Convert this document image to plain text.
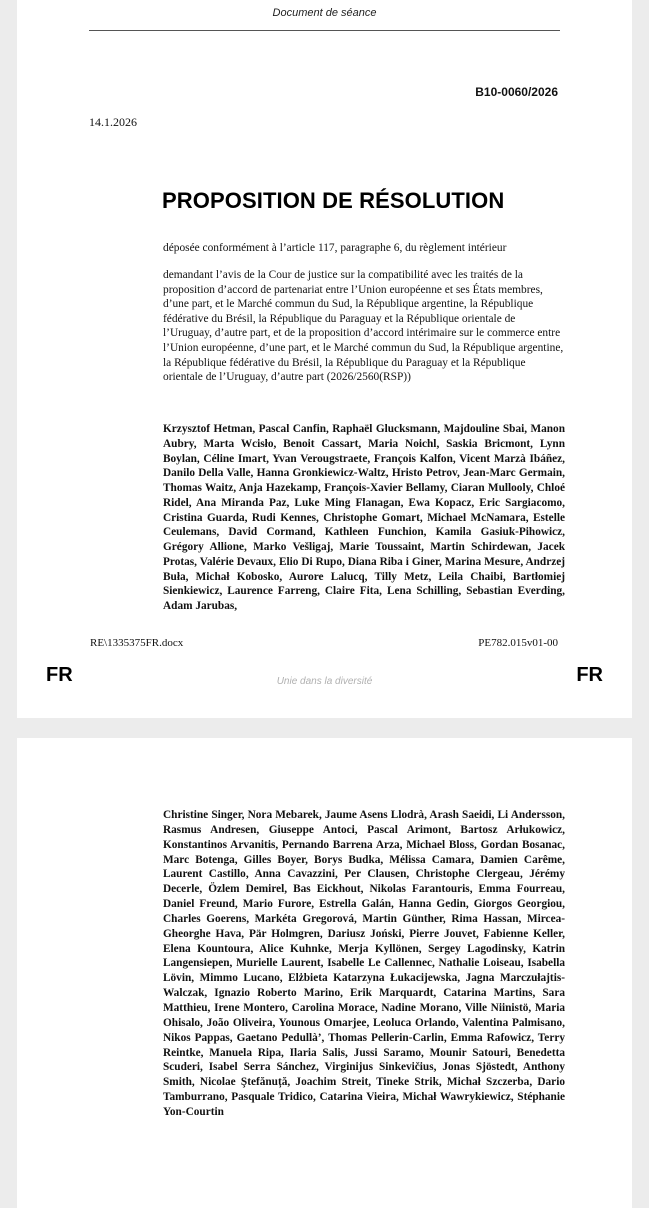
Document de séance
B10-0060/2026
14.1.2026
PROPOSITION DE RÉSOLUTION
déposée conformément à l’article 117, paragraphe 6, du règlement intérieur
demandant l’avis de la Cour de justice sur la compatibilité avec les traités de la proposition d’accord de partenariat entre l’Union européenne et ses États membres, d’une part, et le Marché commun du Sud, la République argentine, la République fédérative du Brésil, la République du Paraguay et la République orientale de l’Uruguay, d’autre part, et de la proposition d’accord intérimaire sur le commerce entre l’Union européenne, d’une part, et le Marché commun du Sud, la République argentine, la République fédérative du Brésil, la République du Paraguay et la République orientale de l’Uruguay, d’autre part (2026/2560(RSP))
Krzysztof Hetman, Pascal Canfin, Raphaël Glucksmann, Majdouline Sbai, Manon Aubry, Marta Wcisło, Benoit Cassart, Maria Noichl, Saskia Bricmont, Lynn Boylan, Céline Imart, Yvan Verougstraete, François Kalfon, Vicent Marzà Ibáñez, Danilo Della Valle, Hanna Gronkiewicz-Waltz, Hristo Petrov, Jean-Marc Germain, Thomas Waitz, Anja Hazekamp, François-Xavier Bellamy, Ciaran Mullooly, Chloé Ridel, Ana Miranda Paz, Luke Ming Flanagan, Ewa Kopacz, Eric Sargiacomo, Cristina Guarda, Rudi Kennes, Christophe Gomart, Michael McNamara, Estelle Ceulemans, David Cormand, Kathleen Funchion, Kamila Gasiuk-Pihowicz, Grégory Allione, Marko Vešligaj, Marie Toussaint, Martin Schirdewan, Jacek Protas, Valérie Devaux, Elio Di Rupo, Diana Riba i Giner, Marina Mesure, Andrzej Buła, Michał Kobosko, Aurore Lalucq, Tilly Metz, Leila Chaibi, Bartłomiej Sienkiewicz, Laurence Farreng, Claire Fita, Lena Schilling, Sebastian Everding, Adam Jarubas,
RE\1335375FR.docx	PE782.015v01-00
FR	Unie dans la diversité	FR
Christine Singer, Nora Mebarek, Jaume Asens Llodrà, Arash Saeidi, Li Andersson, Rasmus Andresen, Giuseppe Antoci, Pascal Arimont, Bartosz Arłukowicz, Konstantinos Arvanitis, Pernando Barrena Arza, Michael Bloss, Gordan Bosanac, Marc Botenga, Gilles Boyer, Borys Budka, Mélissa Camara, Damien Carême, Laurent Castillo, Anna Cavazzini, Per Clausen, Christophe Clergeau, Jérémy Decerle, Özlem Demirel, Bas Eickhout, Nikolas Farantouris, Emma Fourreau, Daniel Freund, Mario Furore, Estrella Galán, Hanna Gedin, Giorgos Georgiou, Charles Goerens, Markéta Gregorová, Martin Günther, Rima Hassan, Mircea-Gheorghe Hava, Pär Holmgren, Dariusz Joński, Pierre Jouvet, Fabienne Keller, Elena Kountoura, Alice Kuhnke, Merja Kyllönen, Sergey Lagodinsky, Katrin Langensiepen, Murielle Laurent, Isabelle Le Callennec, Nathalie Loiseau, Isabella Lövin, Mimmo Lucano, Elżbieta Katarzyna Łukacijewska, Jagna Marczułajtis-Walczak, Ignazio Roberto Marino, Erik Marquardt, Catarina Martins, Sara Matthieu, Irene Montero, Carolina Morace, Nadine Morano, Ville Niinistö, Maria Ohisalo, João Oliveira, Younous Omarjee, Leoluca Orlando, Valentina Palmisano, Nikos Pappas, Gaetano Pedullà’, Thomas Pellerin-Carlin, Emma Rafowicz, Terry Reintke, Manuela Ripa, Ilaria Salis, Jussi Saramo, Mounir Satouri, Benedetta Scuderi, Isabel Serra Sánchez, Virginijus Sinkevičius, Jonas Sjöstedt, Anthony Smith, Nicolae Ştefănuță, Joachim Streit, Tineke Strik, Michał Szczerba, Dario Tamburrano, Pasquale Tridico, Catarina Vieira, Michał Wawrykiewicz, Stéphanie Yon-Courtin
